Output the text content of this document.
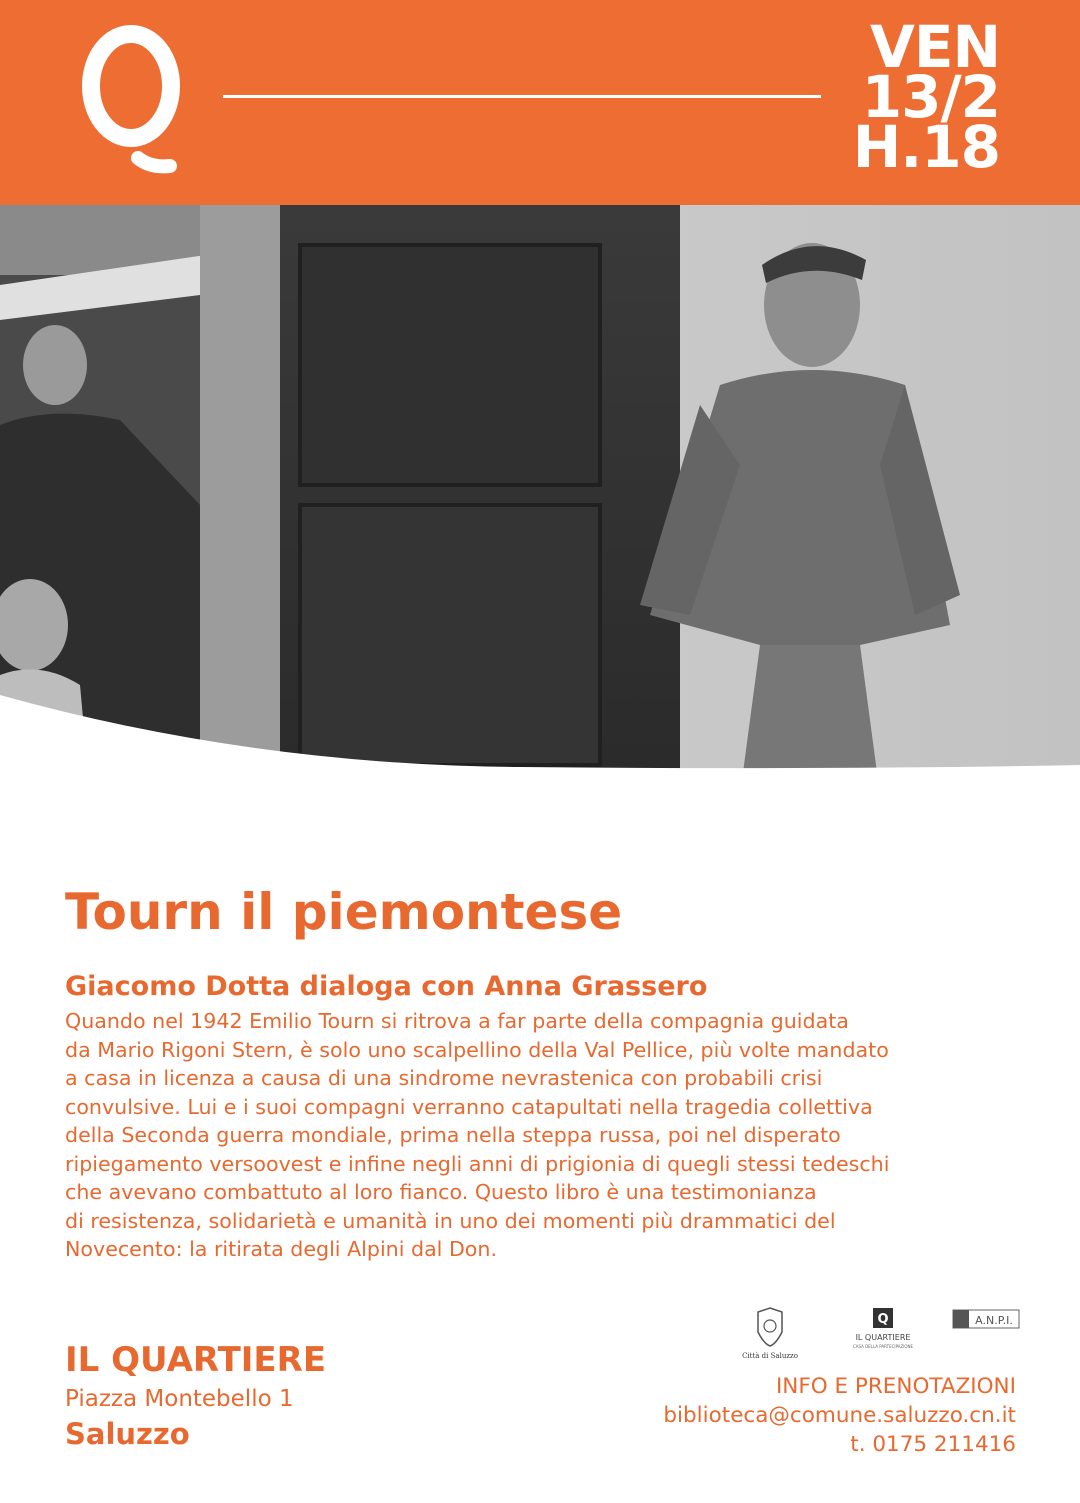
Q	VEN
13/2
H.18
Tourn il piemontese
Giacomo Dotta dialoga con Anna Grassero
Quando nel 1942 Emilio Tourn si ritrova a far parte della compagnia guidata
da Mario Rigoni Stern, è solo uno scalpellino della Val Pellice, più volte mandato
a casa in licenza a causa di una sindrome nevrastenica con probabili crisi
convulsive. Lui e i suoi compagni verranno catapultati nella tragedia collettiva
della Seconda guerra mondiale, prima nella steppa russa, poi nel disperato
ripiegamento versoovest e infine negli anni di prigionia di quegli stessi tedeschi
che avevano combattuto al loro fianco. Questo libro è una testimonianza
di resistenza, solidarietà e umanità in uno dei momenti più drammatici del
Novecento: la ritirata degli Alpini dal Don.
IL QUARTIERE
Piazza Montebello 1
Saluzzo
Città di Saluzzo
Q
IL QUARTIERE
CASA DELLA PARTECIPAZIONE
A.N.P.I.
INFO E PRENOTAZIONI
biblioteca@comune.saluzzo.cn.it
t. 0175 211416
